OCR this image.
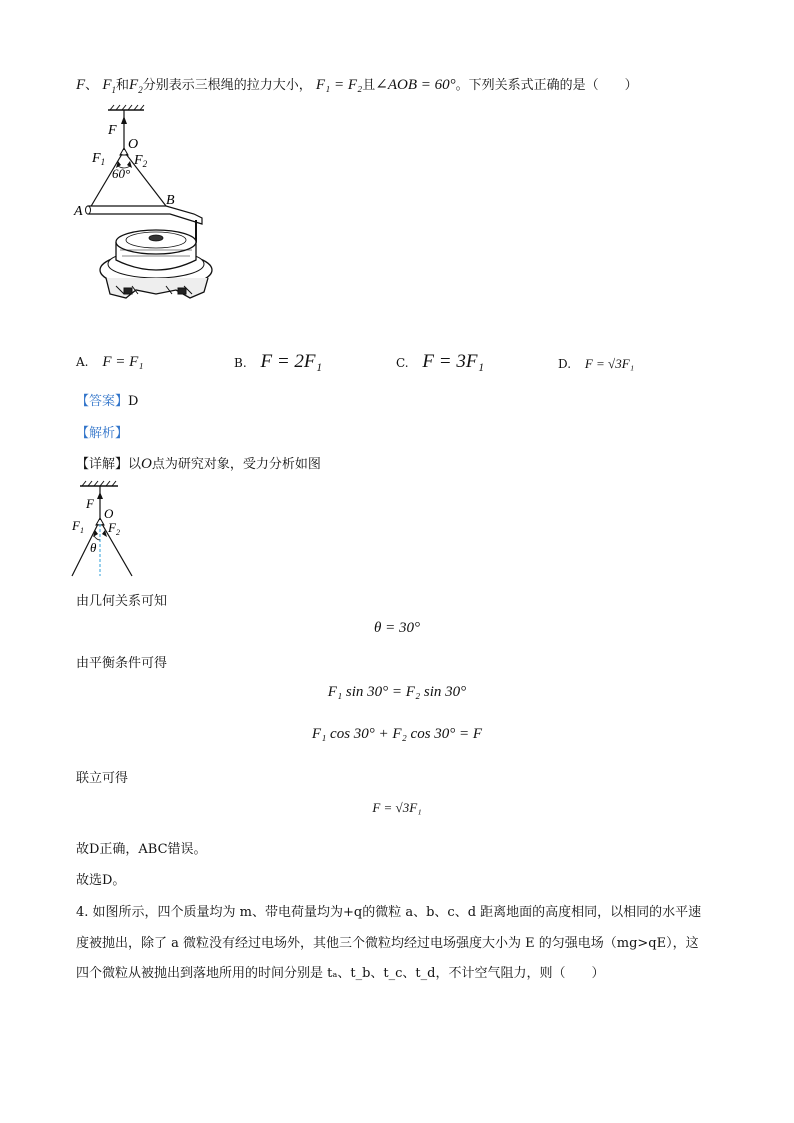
F、 $F_1$和$F_2$分别表示三根绳的拉力大小， F₁ = F₂且∠AOB = 60°。下列关系式正确的是（　　）
F
O
$F_1$ $F_2$
60°
A
B
A. F = F₁	B. F = 2F₁	C. F = 3F₁	D. F = √3F₁
【答案】D
【解析】
【详解】以O点为研究对象，受力分析如图
F
O
$F_1$ $F_2$
θ
由几何关系可知
θ = 30°
由平衡条件可得
F₁ sin 30° = F₂ sin 30°
F₁ cos 30° + F₂ cos 30° = F
联立可得
F = √3F₁
故D正确，ABC错误。
故选D。
4. 如图所示，四个质量均为 m、带电荷量均为+q的微粒 a、b、c、d 距离地面的高度相同，以相同的水平速
度被抛出，除了 a 微粒没有经过电场外，其他三个微粒均经过电场强度大小为 E 的匀强电场（mg>qE），这
四个微粒从被抛出到落地所用的时间分别是 tₐ、t_b、t_c、t_d，不计空气阻力，则（　　）
